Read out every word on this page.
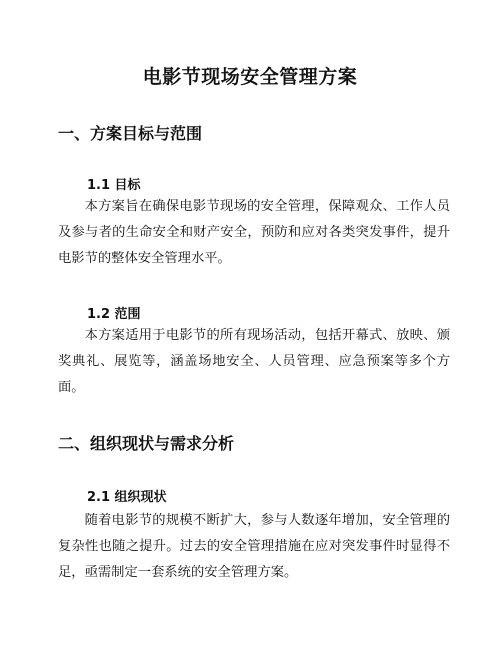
电影节现场安全管理方案
一、方案目标与范围
1.1 目标

本方案旨在确保电影节现场的安全管理，保障观众、工作人员及参与者的生命安全和财产安全，预防和应对各类突发事件，提升电影节的整体安全管理水平。

1.2 范围

本方案适用于电影节的所有现场活动，包括开幕式、放映、颁奖典礼、展览等，涵盖场地安全、人员管理、应急预案等多个方面。

二、组织现状与需求分析
2.1 组织现状

随着电影节的规模不断扩大，参与人数逐年增加，安全管理的复杂性也随之提升。过去的安全管理措施在应对突发事件时显得不足，亟需制定一套系统的安全管理方案。
